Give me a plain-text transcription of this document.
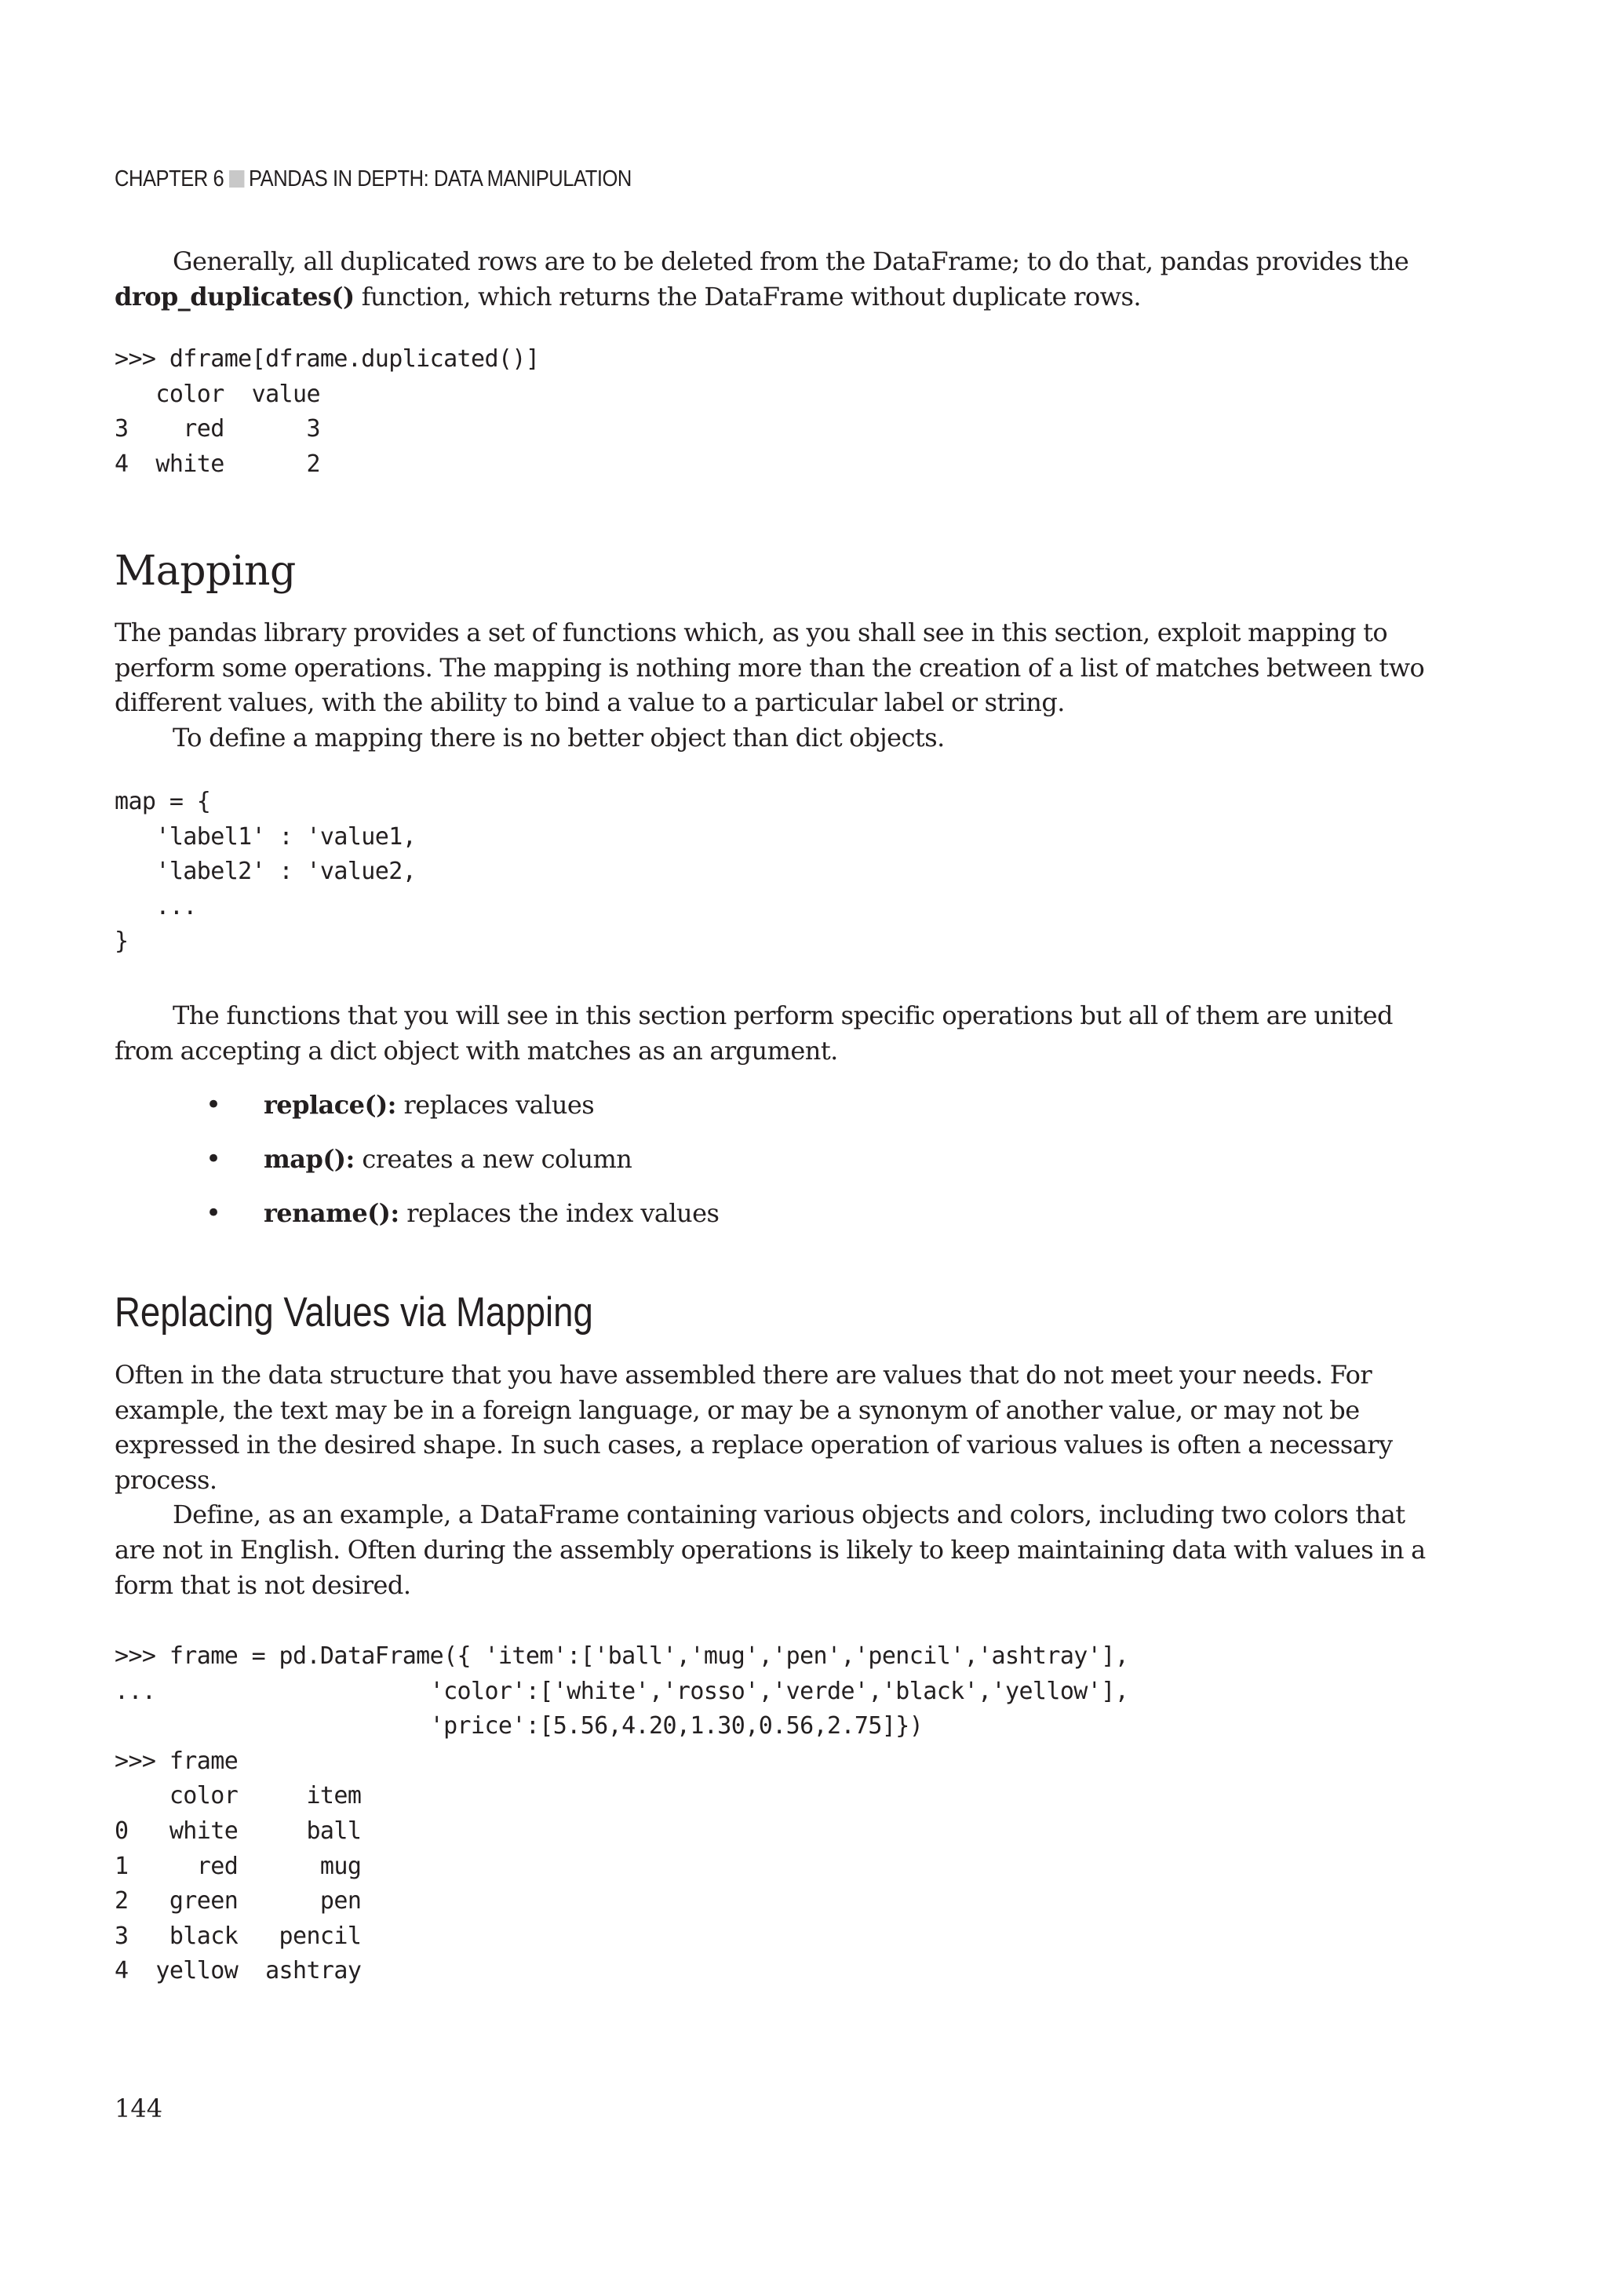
CHAPTER 6 PANDAS IN DEPTH: DATA MANIPULATION

Generally, all duplicated rows are to be deleted from the DataFrame; to do that, pandas provides the drop_duplicates() function, which returns the DataFrame without duplicate rows.

>>> dframe[dframe.duplicated()]
color  value
3    red      3
4  white      2
Mapping

The pandas library provides a set of functions which, as you shall see in this section, exploit mapping to perform some operations. The mapping is nothing more than the creation of a list of matches between two different values, with the ability to bind a value to a particular label or string.

To define a mapping there is no better object than dict objects.

map = {
'label1' : 'value1,
'label2' : 'value2,
...
}

The functions that you will see in this section perform specific operations but all of them are united from accepting a dict object with matches as an argument.

• replace(): replaces values
• map(): creates a new column
• rename(): replaces the index values
Replacing Values via Mapping

Often in the data structure that you have assembled there are values that do not meet your needs. For example, the text may be in a foreign language, or may be a synonym of another value, or may not be expressed in the desired shape. In such cases, a replace operation of various values is often a necessary process.

Define, as an example, a DataFrame containing various objects and colors, including two colors that are not in English. Often during the assembly operations is likely to keep maintaining data with values in a form that is not desired.

>>> frame = pd.DataFrame({ 'item':['ball','mug','pen','pencil','ashtray'],
...                    'color':['white','rosso','verde','black','yellow'],
'price':[5.56,4.20,1.30,0.56,2.75]})
>>> frame
color     item
0   white     ball
1     red      mug
2   green      pen
3   black   pencil
4  yellow  ashtray
144
